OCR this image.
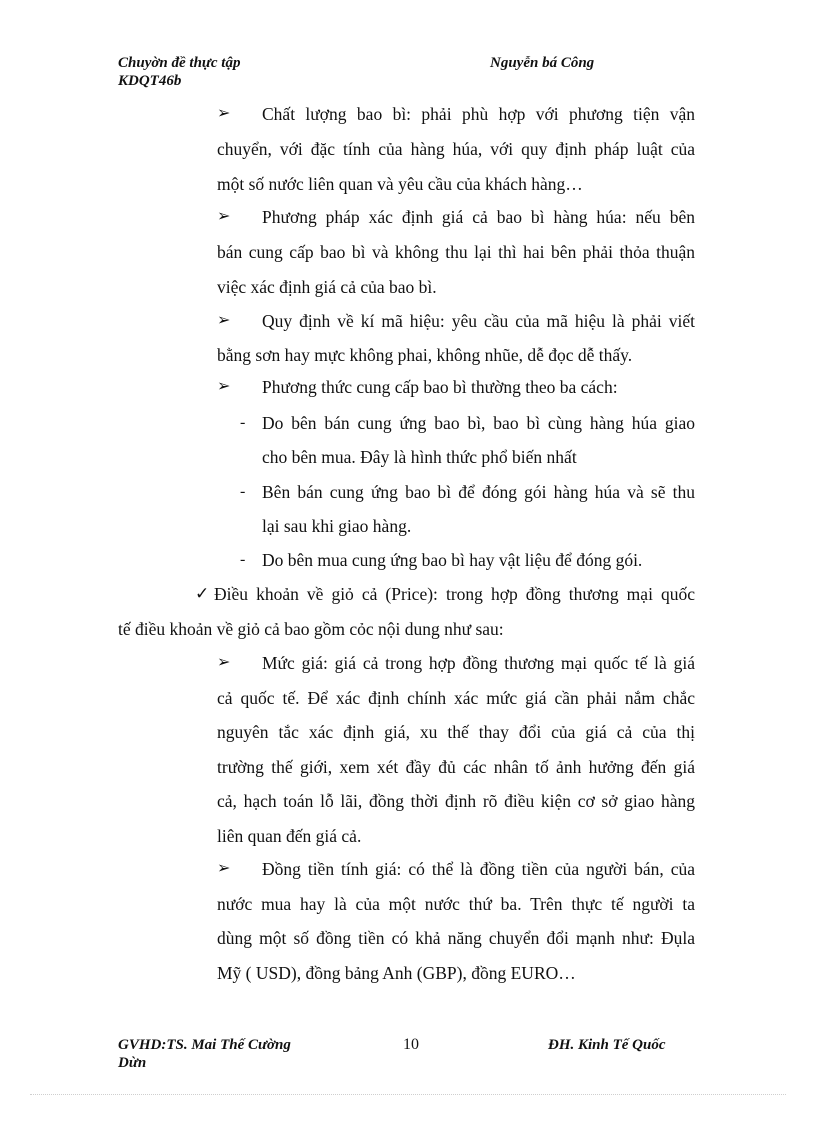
Chuyờn đề thực tập
KDQT46b
Nguyễn bá Công
➢ Chất lượng bao bì: phải phù hợp với phương tiện vận
chuyển, với đặc tính của hàng húa, với quy định pháp luật của
một số nước liên quan và yêu cầu của khách hàng…
➢ Phương pháp xác định giá cả bao bì hàng húa: nếu bên
bán cung cấp bao bì và không thu lại thì hai bên phải thỏa thuận
việc xác định giá cả của bao bì.
➢ Quy định về kí mã hiệu: yêu cầu của mã hiệu là phải viết
bằng sơn hay mực không phai, không nhũe, dễ đọc dễ thấy.
➢ Phương thức cung cấp bao bì thường theo ba cách:
- Do bên bán cung ứng bao bì, bao bì cùng hàng húa giao
cho bên mua. Đây là hình thức phổ biến nhất
- Bên bán cung ứng bao bì để đóng gói hàng húa và sẽ thu
lại sau khi giao hàng.
- Do bên mua cung ứng bao bì hay vật liệu để đóng gói.
✓ Điều khoản về giỏ cả (Price): trong hợp đồng thương mại quốc
tế điều khoản về giỏ cả bao gồm cỏc nội dung như sau:
➢ Mức giá: giá cả trong hợp đồng thương mại quốc tế là giá
cả quốc tế. Để xác định chính xác mức giá cần phải nắm chắc
nguyên tắc xác định giá, xu thế thay đổi của giá cả của thị
trường thế giới, xem xét đầy đủ các nhân tố ảnh hưởng đến giá
cả, hạch toán lỗ lãi, đồng thời định rõ điều kiện cơ sở giao hàng
liên quan đến giá cả.
➢ Đồng tiền tính giá: có thể là đồng tiền của người bán, của
nước mua hay là của một nước thứ ba. Trên thực tế người ta
dùng một số đồng tiền có khả năng chuyển đổi mạnh như: Đụla
Mỹ ( USD), đồng bảng Anh (GBP), đồng EURO…
GVHD:TS. Mai Thế Cường
Dừn
10	ĐH. Kinh Tế Quốc
